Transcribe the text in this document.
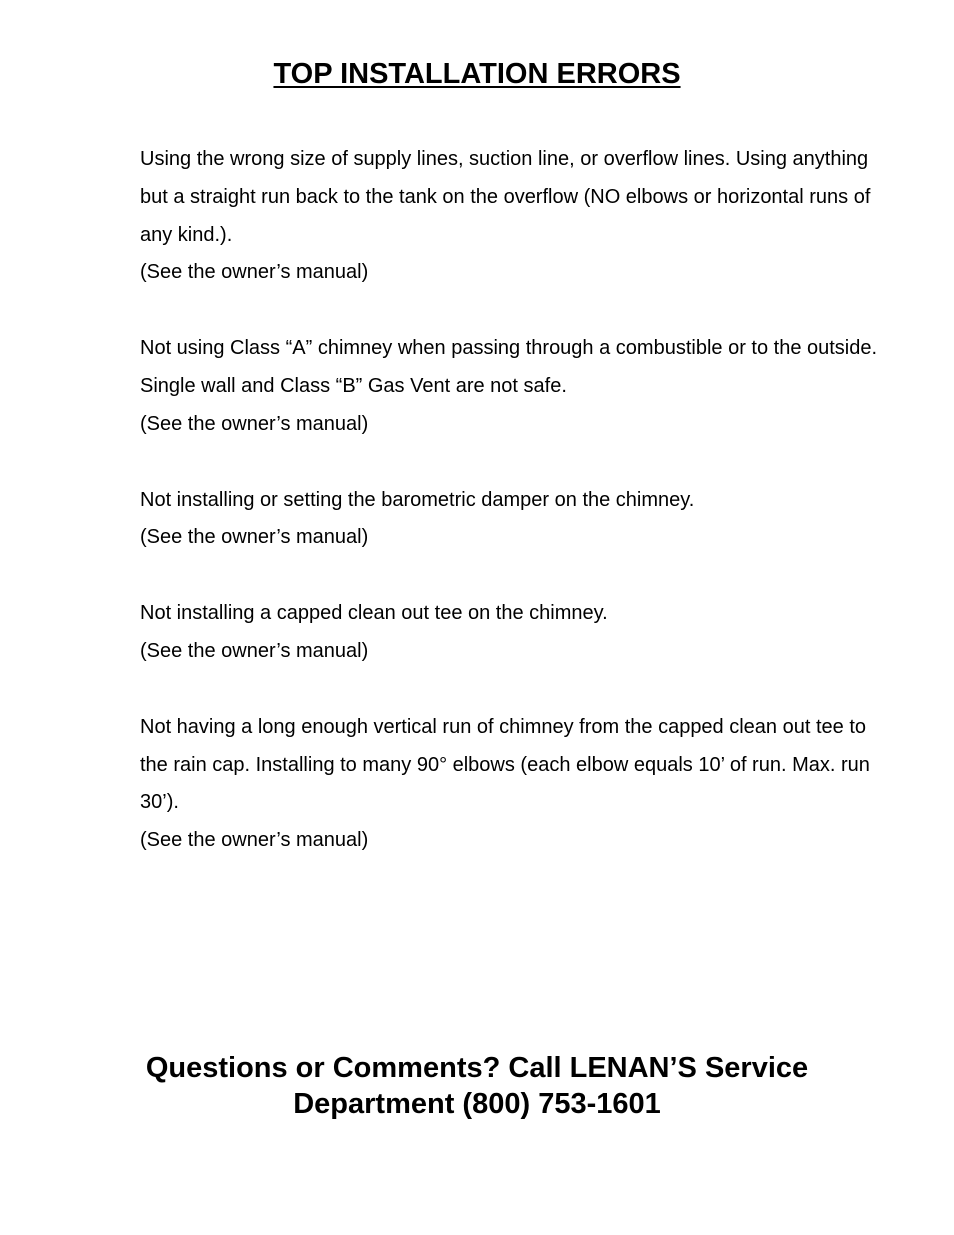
TOP INSTALLATION ERRORS

Using the wrong size of supply lines, suction line, or overflow lines. Using anything but a straight run back to the tank on the overflow (NO elbows or horizontal runs of any kind.).

(See the owner’s manual)

Not using Class “A” chimney when passing through a combustible or to the outside. Single wall and Class “B” Gas Vent are not safe.

(See the owner’s manual)

Not installing or setting the barometric damper on the chimney.

(See the owner’s manual)

Not installing a capped clean out tee on the chimney.

(See the owner’s manual)

Not having a long enough vertical run of chimney from the capped clean out tee to the rain cap. Installing to many 90° elbows (each elbow equals 10’ of run. Max. run 30’).

(See the owner’s manual)

Questions or Comments? Call LENAN’S Service
Department (800) 753-1601
